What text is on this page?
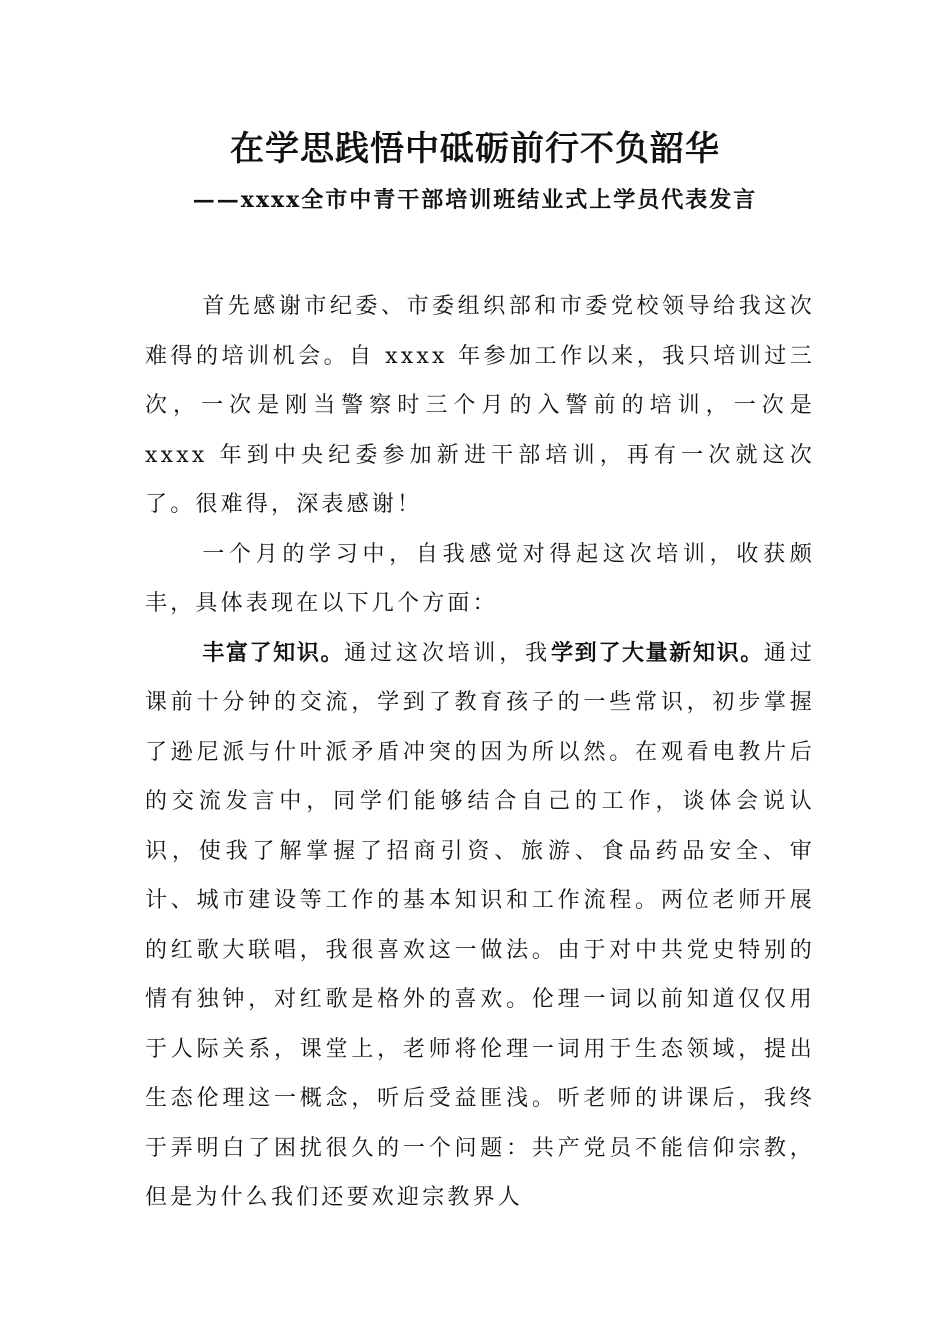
在学思践悟中砥砺前行不负韶华
——xxxx全市中青干部培训班结业式上学员代表发言

首先感谢市纪委、市委组织部和市委党校领导给我这次难得的培训机会。自 xxxx 年参加工作以来，我只培训过三次，一次是刚当警察时三个月的入警前的培训，一次是 xxxx 年到中央纪委参加新进干部培训，再有一次就这次了。很难得，深表感谢！

一个月的学习中，自我感觉对得起这次培训，收获颇丰，具体表现在以下几个方面：

丰富了知识。通过这次培训，我学到了大量新知识。通过课前十分钟的交流，学到了教育孩子的一些常识，初步掌握了逊尼派与什叶派矛盾冲突的因为所以然。在观看电教片后的交流发言中，同学们能够结合自己的工作，谈体会说认识，使我了解掌握了招商引资、旅游、食品药品安全、审计、城市建设等工作的基本知识和工作流程。两位老师开展的红歌大联唱，我很喜欢这一做法。由于对中共党史特别的情有独钟，对红歌是格外的喜欢。伦理一词以前知道仅仅用于人际关系，课堂上，老师将伦理一词用于生态领域，提出生态伦理这一概念，听后受益匪浅。听老师的讲课后，我终于弄明白了困扰很久的一个问题：共产党员不能信仰宗教，但是为什么我们还要欢迎宗教界人
